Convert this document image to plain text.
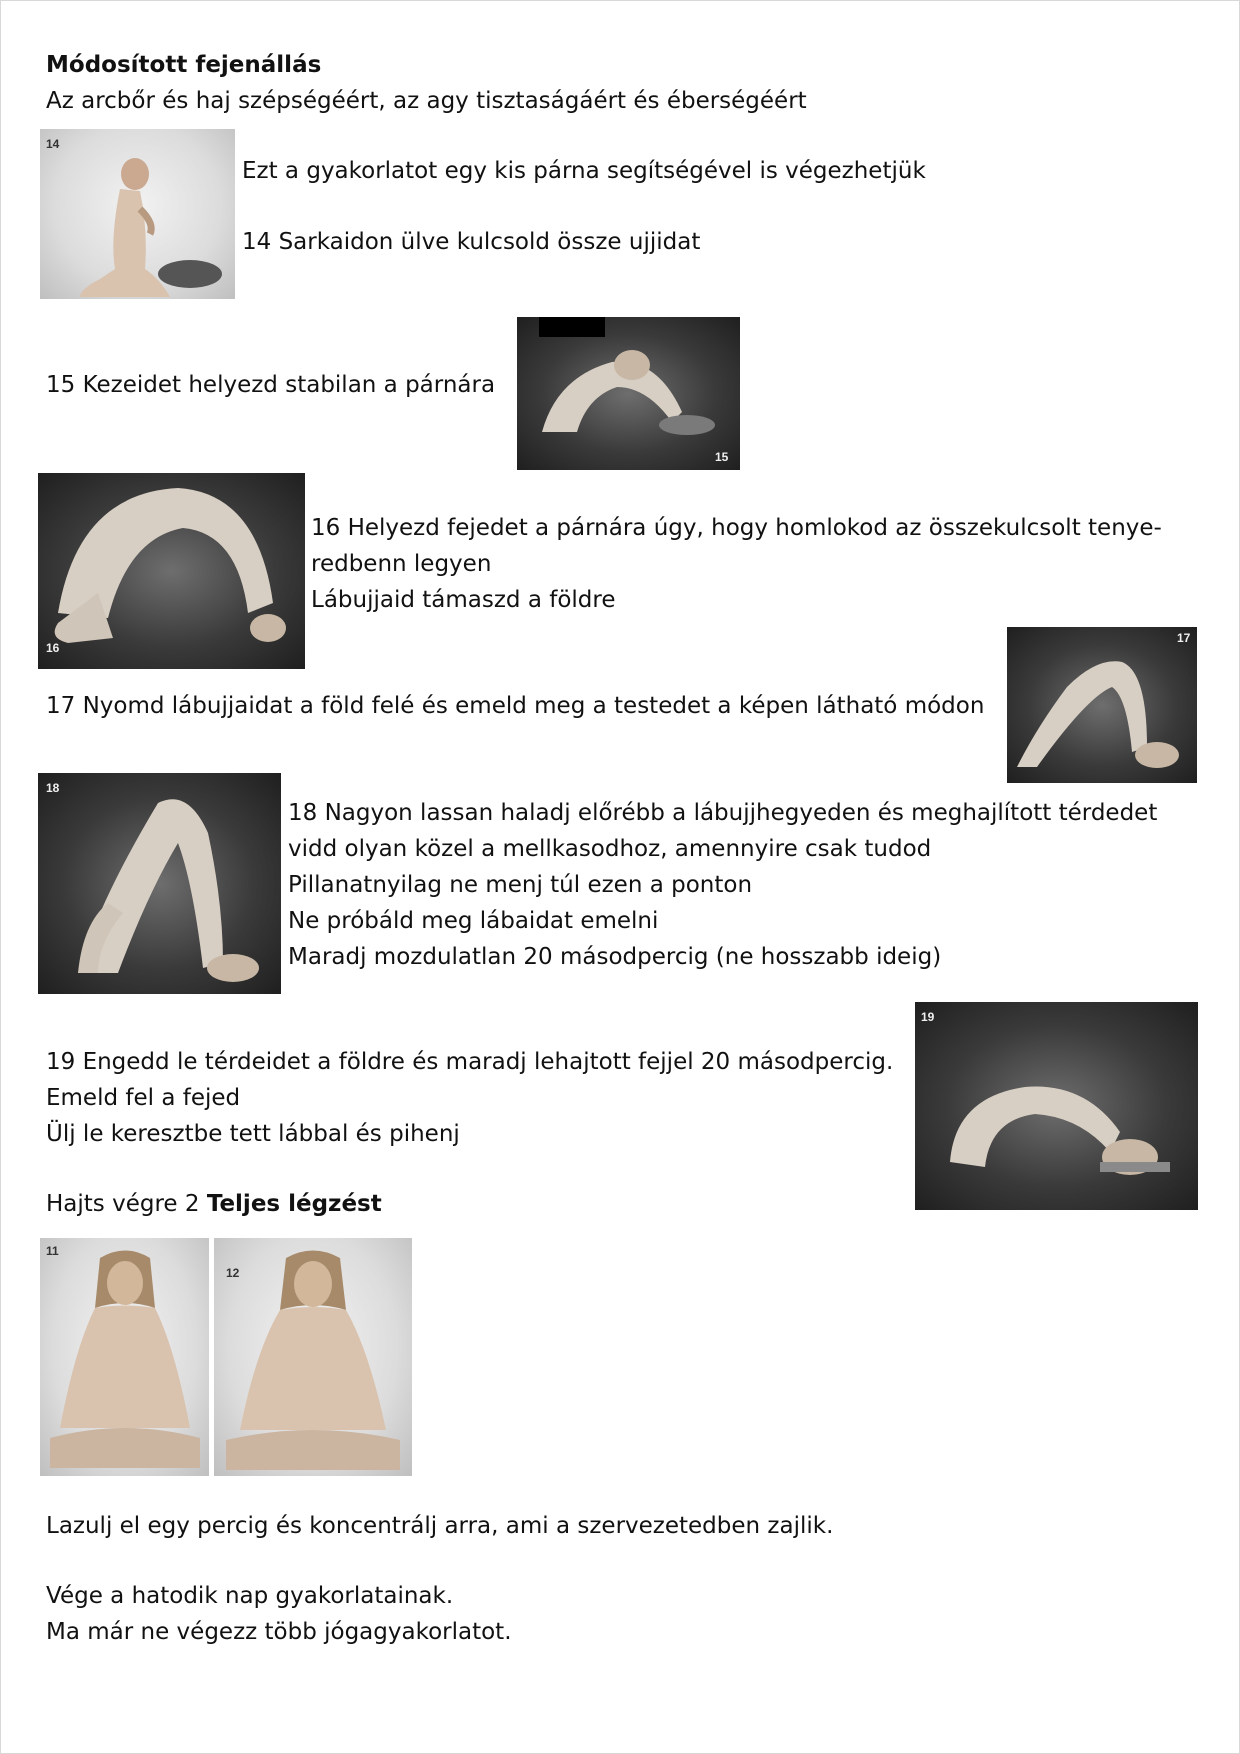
Módosított fejenállás
Az arcbőr és haj szépségéért, az agy tisztaságáért és éberségéért
14
Ezt a gyakorlatot egy kis párna segítségével is végezhetjük
14 Sarkaidon ülve kulcsold össze ujjidat
15 Kezeidet helyezd stabilan a párnára
15
16
16 Helyezd fejedet a párnára úgy, hogy homlokod az összekulcsolt tenye-
redbenn legyen
Lábujjaid támaszd a földre
17 Nyomd lábujjaidat a föld felé és emeld meg a testedet a képen látható módon
17
18
18 Nagyon lassan haladj előrébb a lábujjhegyeden és meghajlított térdedet
vidd olyan közel a mellkasodhoz, amennyire csak tudod
Pillanatnyilag ne menj túl ezen a ponton
Ne próbáld meg lábaidat emelni
Maradj mozdulatlan 20 másodpercig (ne hosszabb ideig)
19 Engedd le térdeidet a földre és maradj lehajtott fejjel 20 másodpercig.
Emeld fel a fejed
Ülj le keresztbe tett lábbal és pihenj
19
Hajts végre 2 Teljes légzést
11
12
Lazulj el egy percig és koncentrálj arra, ami a szervezetedben zajlik.
Vége a hatodik nap gyakorlatainak.
Ma már ne végezz több jógagyakorlatot.
